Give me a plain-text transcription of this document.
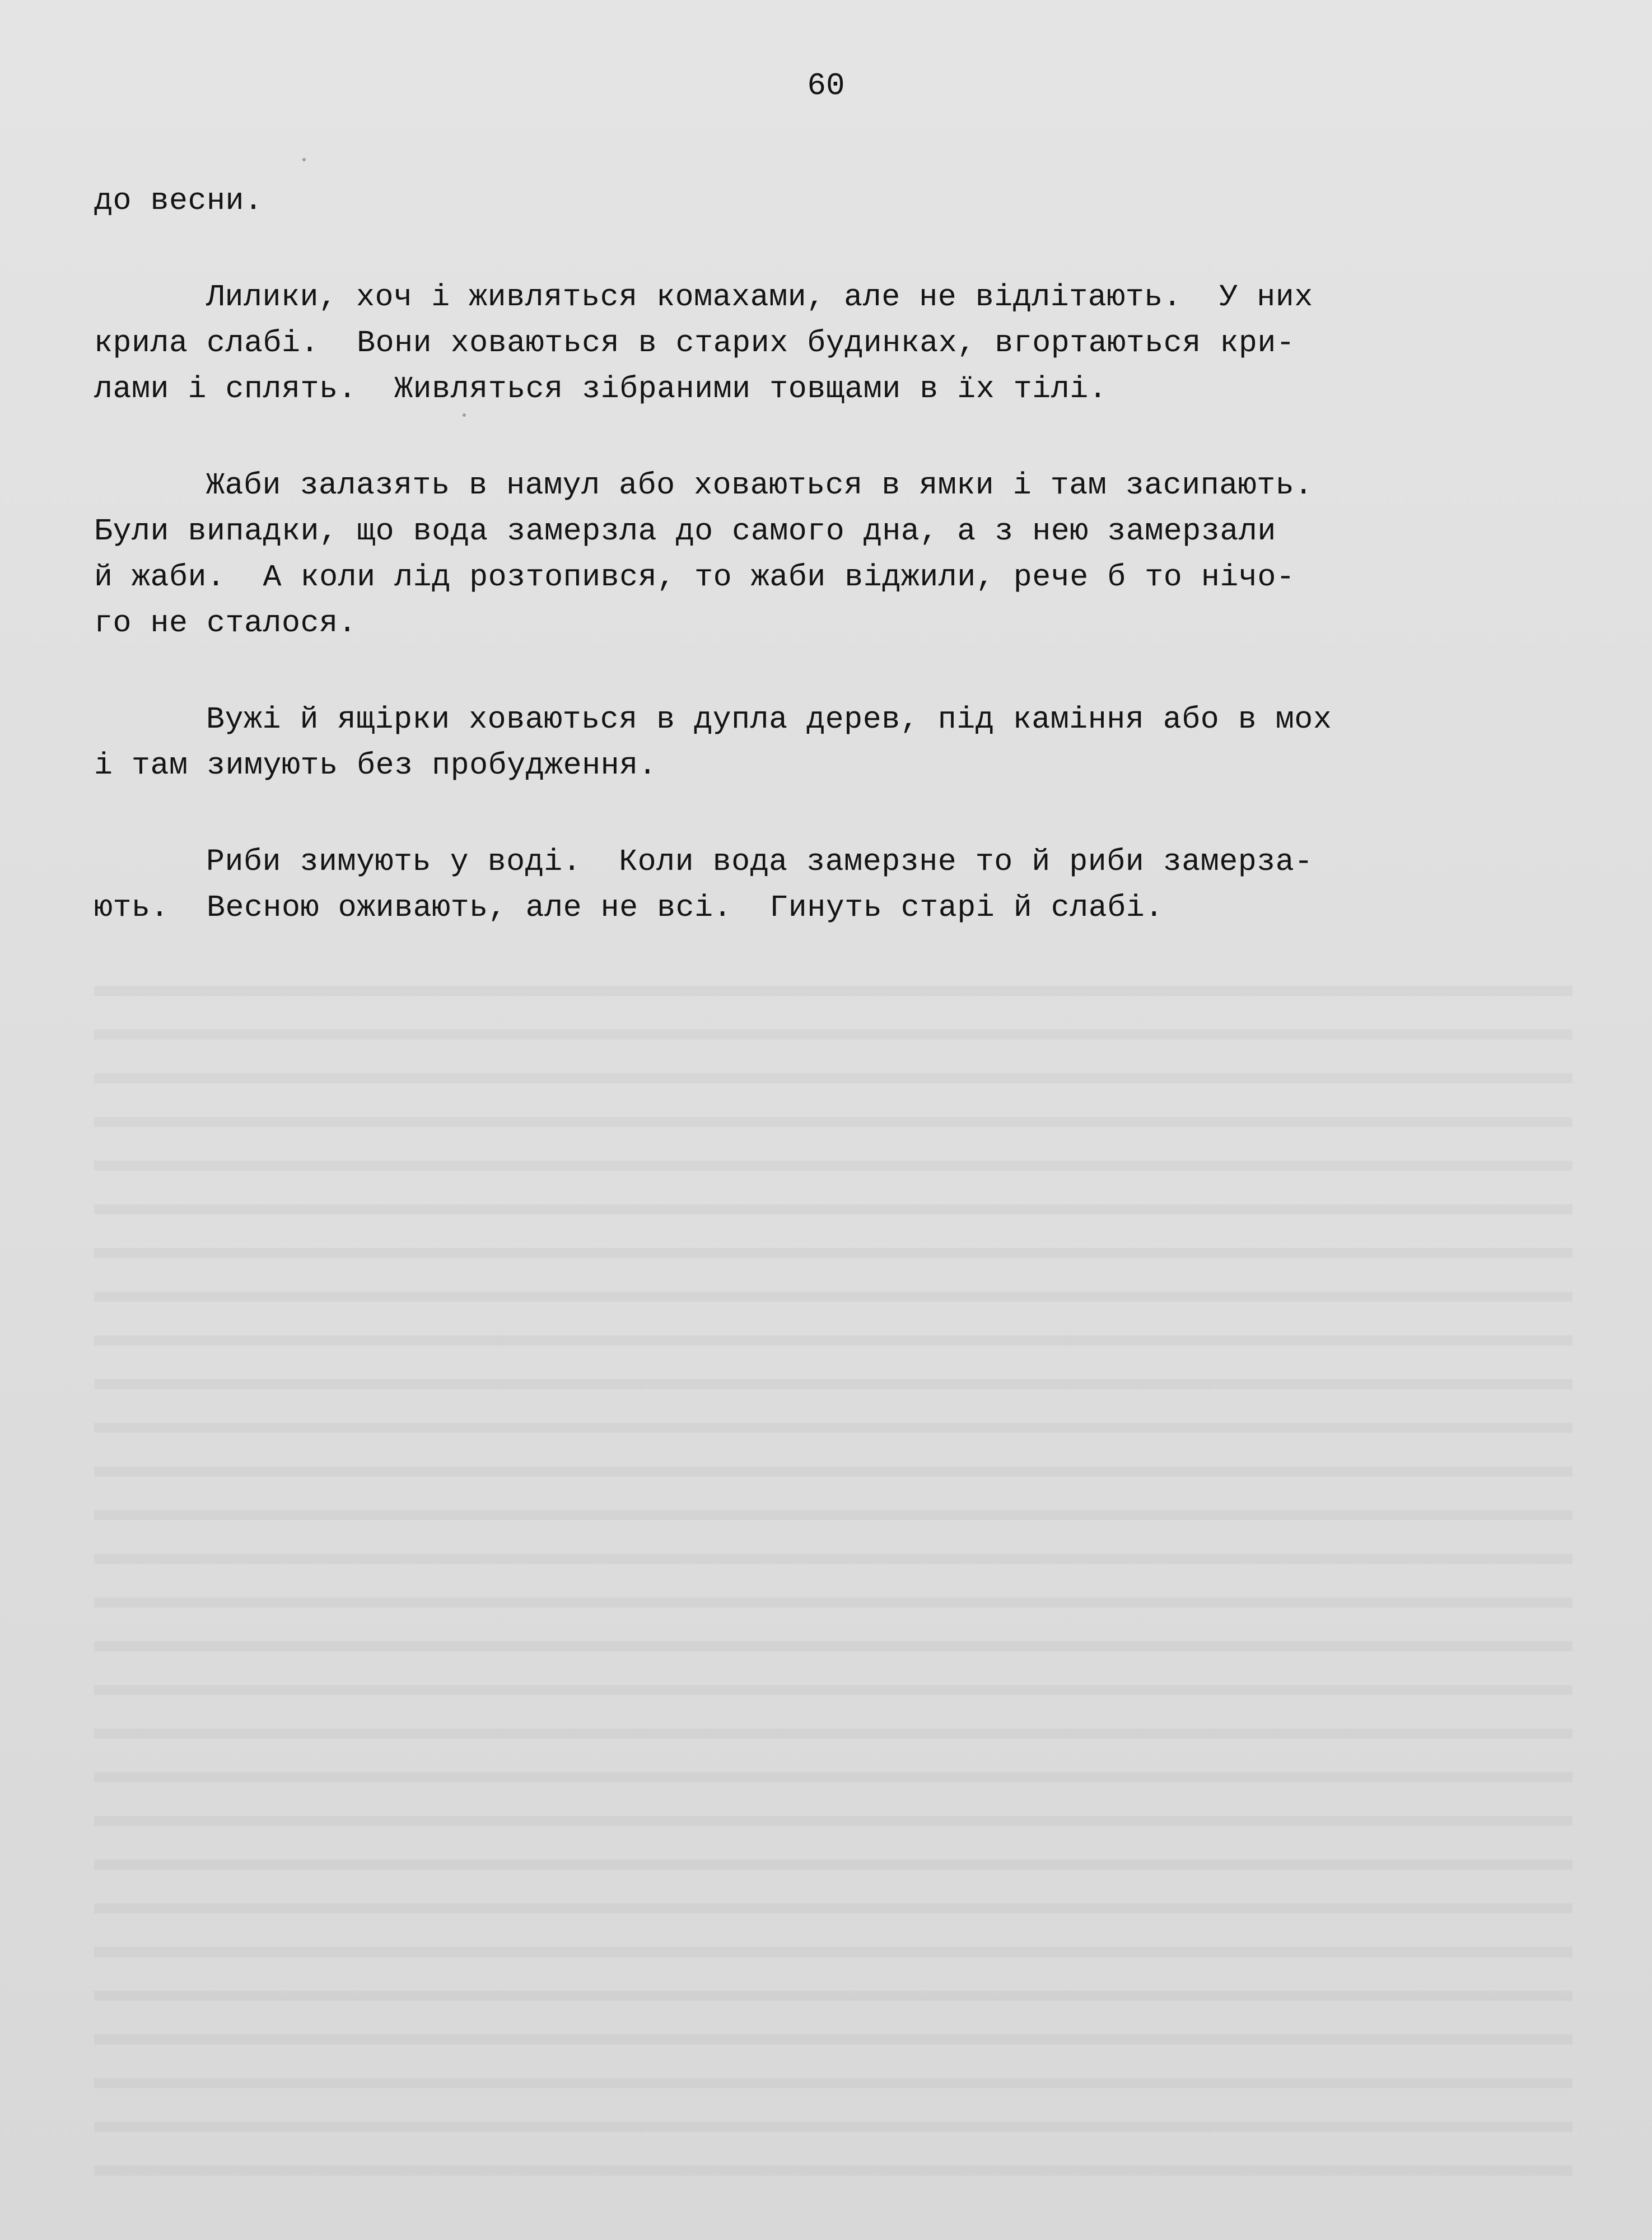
60
до весни.
Лилики, хоч і живляться комахами, але не відлітають.  У них
крила слабі.  Вони ховаються в старих будинках, вгортаються кри-
лами і сплять.  Живляться зібраними товщами в їх тілі.
Жаби залазять в намул або ховаються в ямки і там засипають.
Були випадки, що вода замерзла до самого дна, а з нею замерзали
й жаби.  А коли лід розтопився, то жаби віджили, рече б то нічо-
го не сталося.
Вужі й ящірки ховаються в дупла дерев, під каміння або в мох
і там зимують без пробудження.
Риби зимують у воді.  Коли вода замерзне то й риби замерза-
ють.  Весною оживають, але не всі.  Гинуть старі й слабі.
